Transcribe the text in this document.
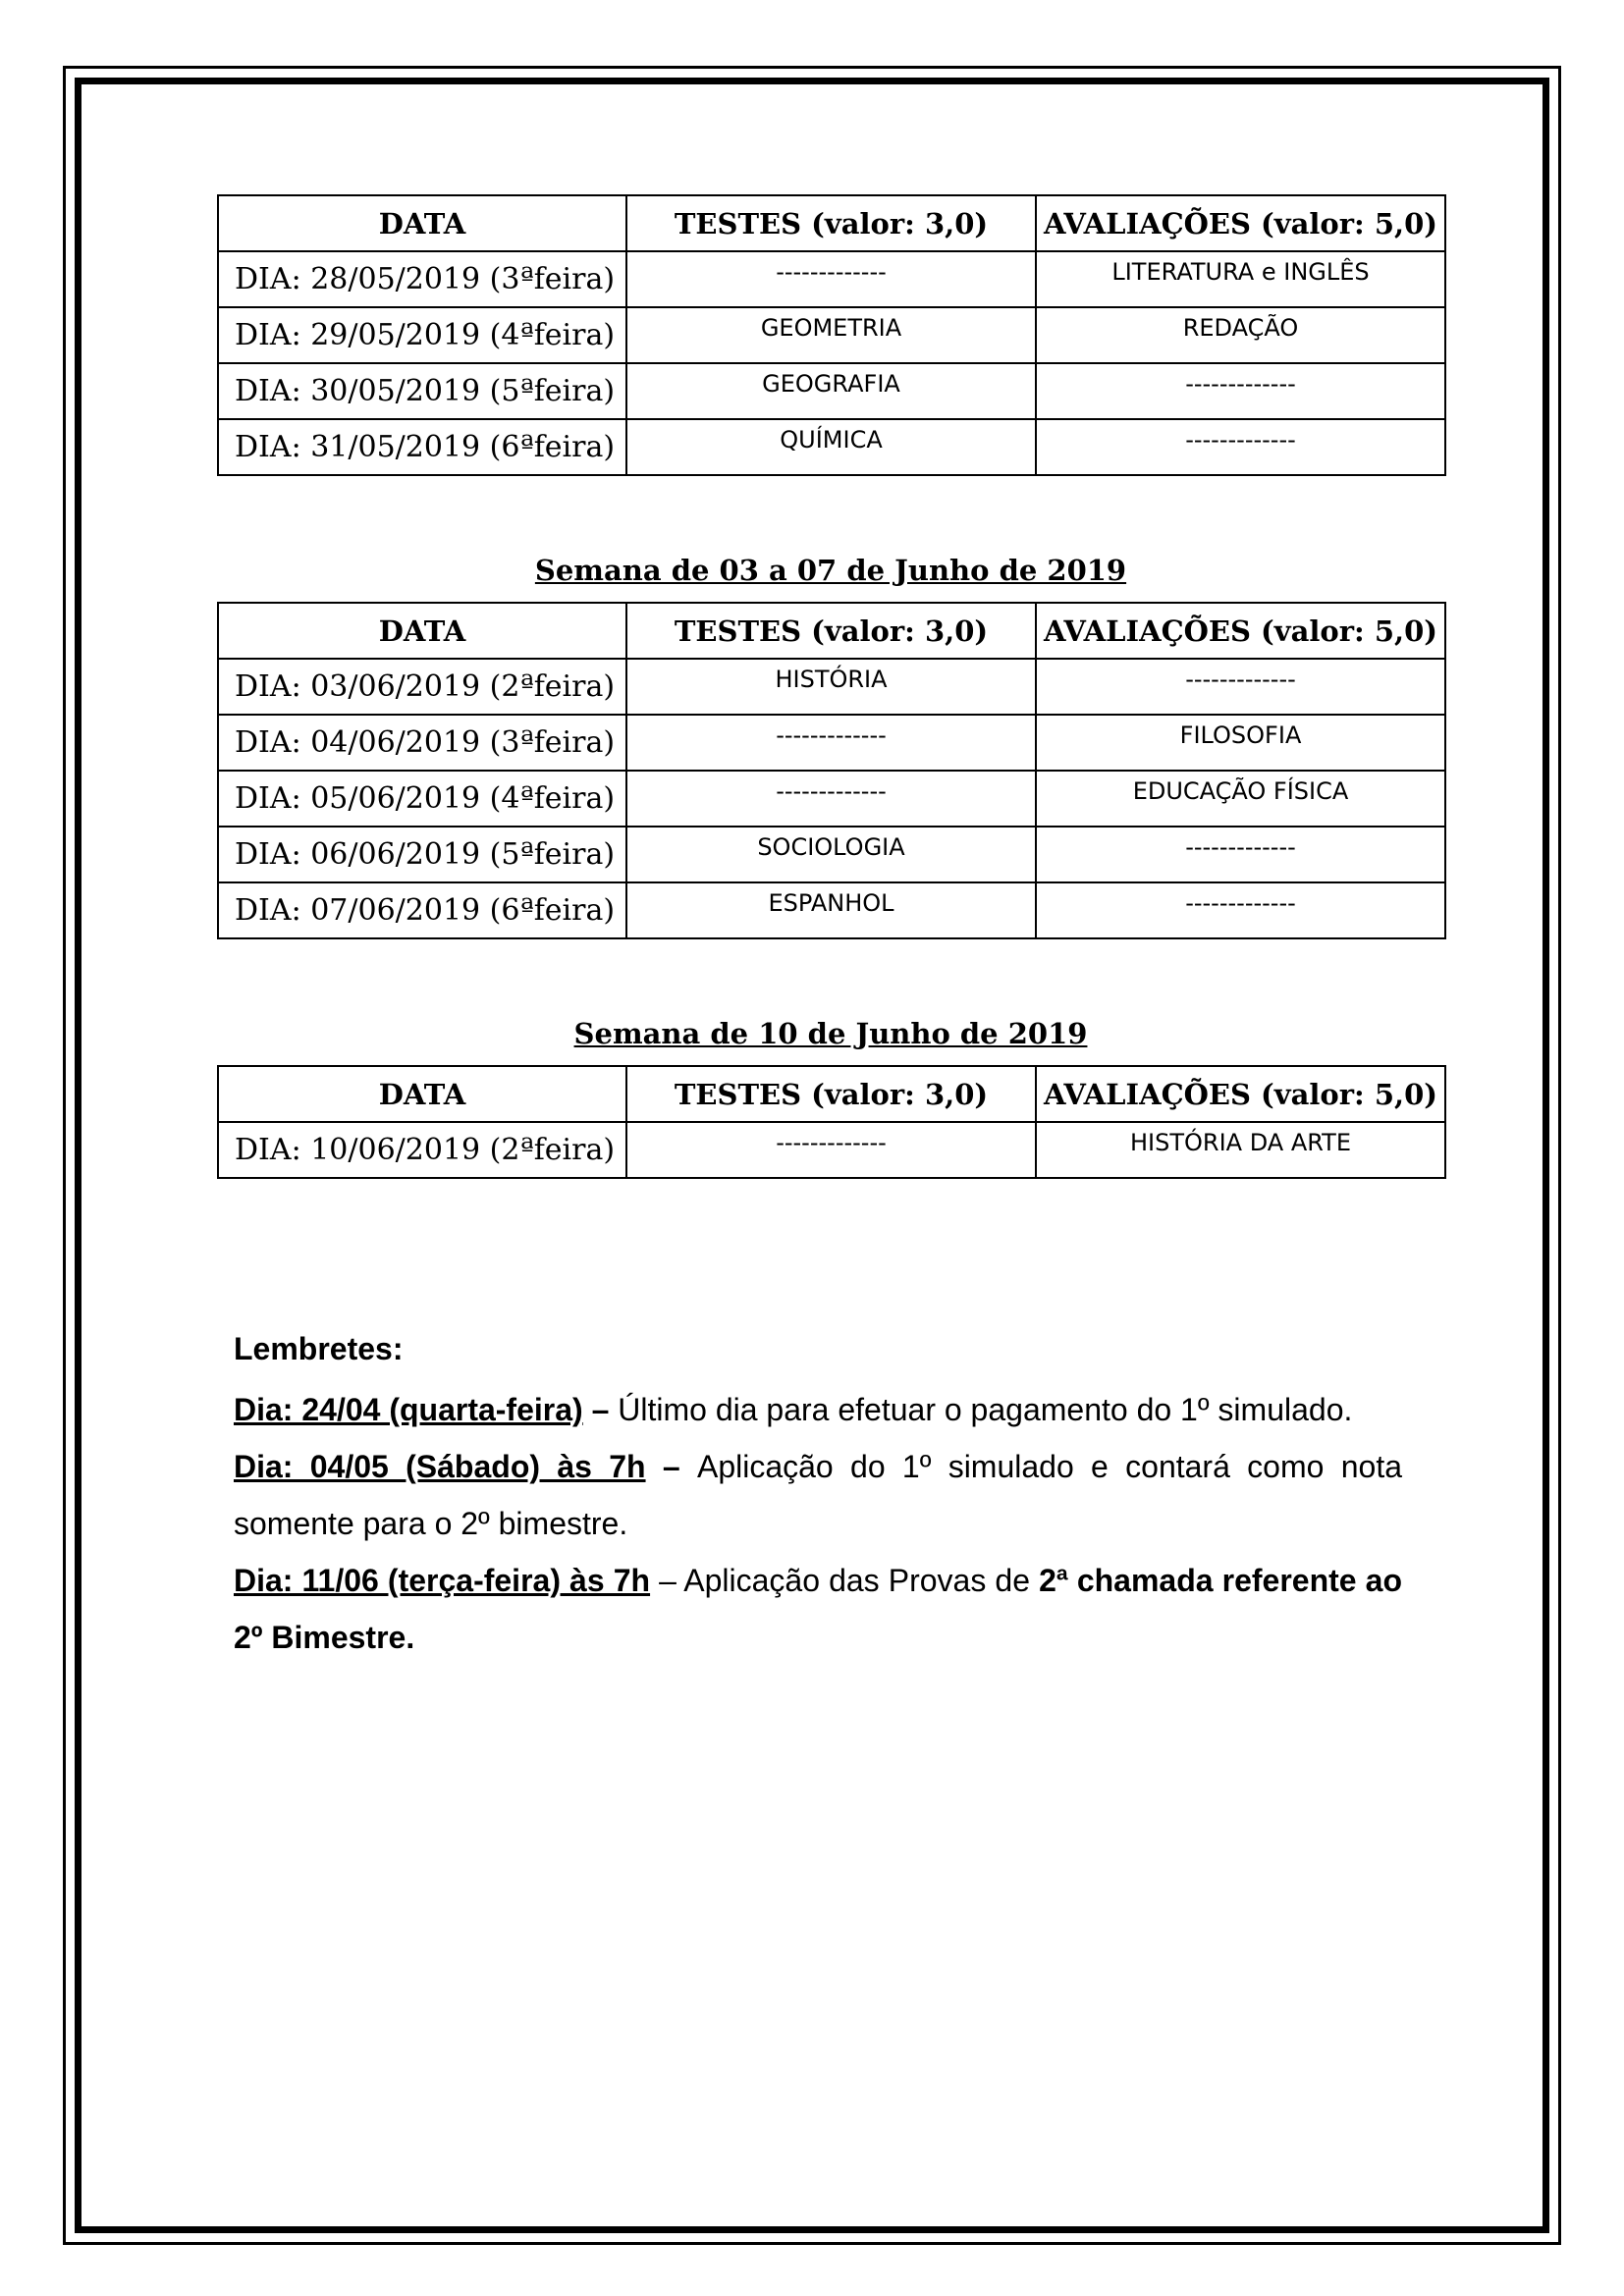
DATA	TESTES (valor: 3,0)	AVALIAÇÕES (valor: 5,0)
DIA: 28/05/2019 (3ªfeira)	-------------	LITERATURA e INGLÊS
DIA: 29/05/2019 (4ªfeira)	GEOMETRIA	REDAÇÃO
DIA: 30/05/2019 (5ªfeira)	GEOGRAFIA	-------------
DIA: 31/05/2019 (6ªfeira)	QUÍMICA	-------------
Semana de 03 a 07 de Junho de 2019
DATA	TESTES (valor: 3,0)	AVALIAÇÕES (valor: 5,0)
DIA: 03/06/2019 (2ªfeira)	HISTÓRIA	-------------
DIA: 04/06/2019 (3ªfeira)	-------------	FILOSOFIA
DIA: 05/06/2019 (4ªfeira)	-------------	EDUCAÇÃO FÍSICA
DIA: 06/06/2019 (5ªfeira)	SOCIOLOGIA	-------------
DIA: 07/06/2019 (6ªfeira)	ESPANHOL	-------------
Semana de 10 de Junho de 2019
DATA	TESTES (valor: 3,0)	AVALIAÇÕES (valor: 5,0)
DIA: 10/06/2019 (2ªfeira)	-------------	HISTÓRIA DA ARTE
Lembretes:

Dia: 24/04 (quarta-feira) – Último dia para efetuar o pagamento do 1º simulado.

Dia: 04/05 (Sábado) às 7h – Aplicação do 1º simulado e contará como nota somente para o 2º bimestre.

Dia: 11/06 (terça-feira) às 7h – Aplicação das Provas de 2ª chamada referente ao 2º Bimestre.
